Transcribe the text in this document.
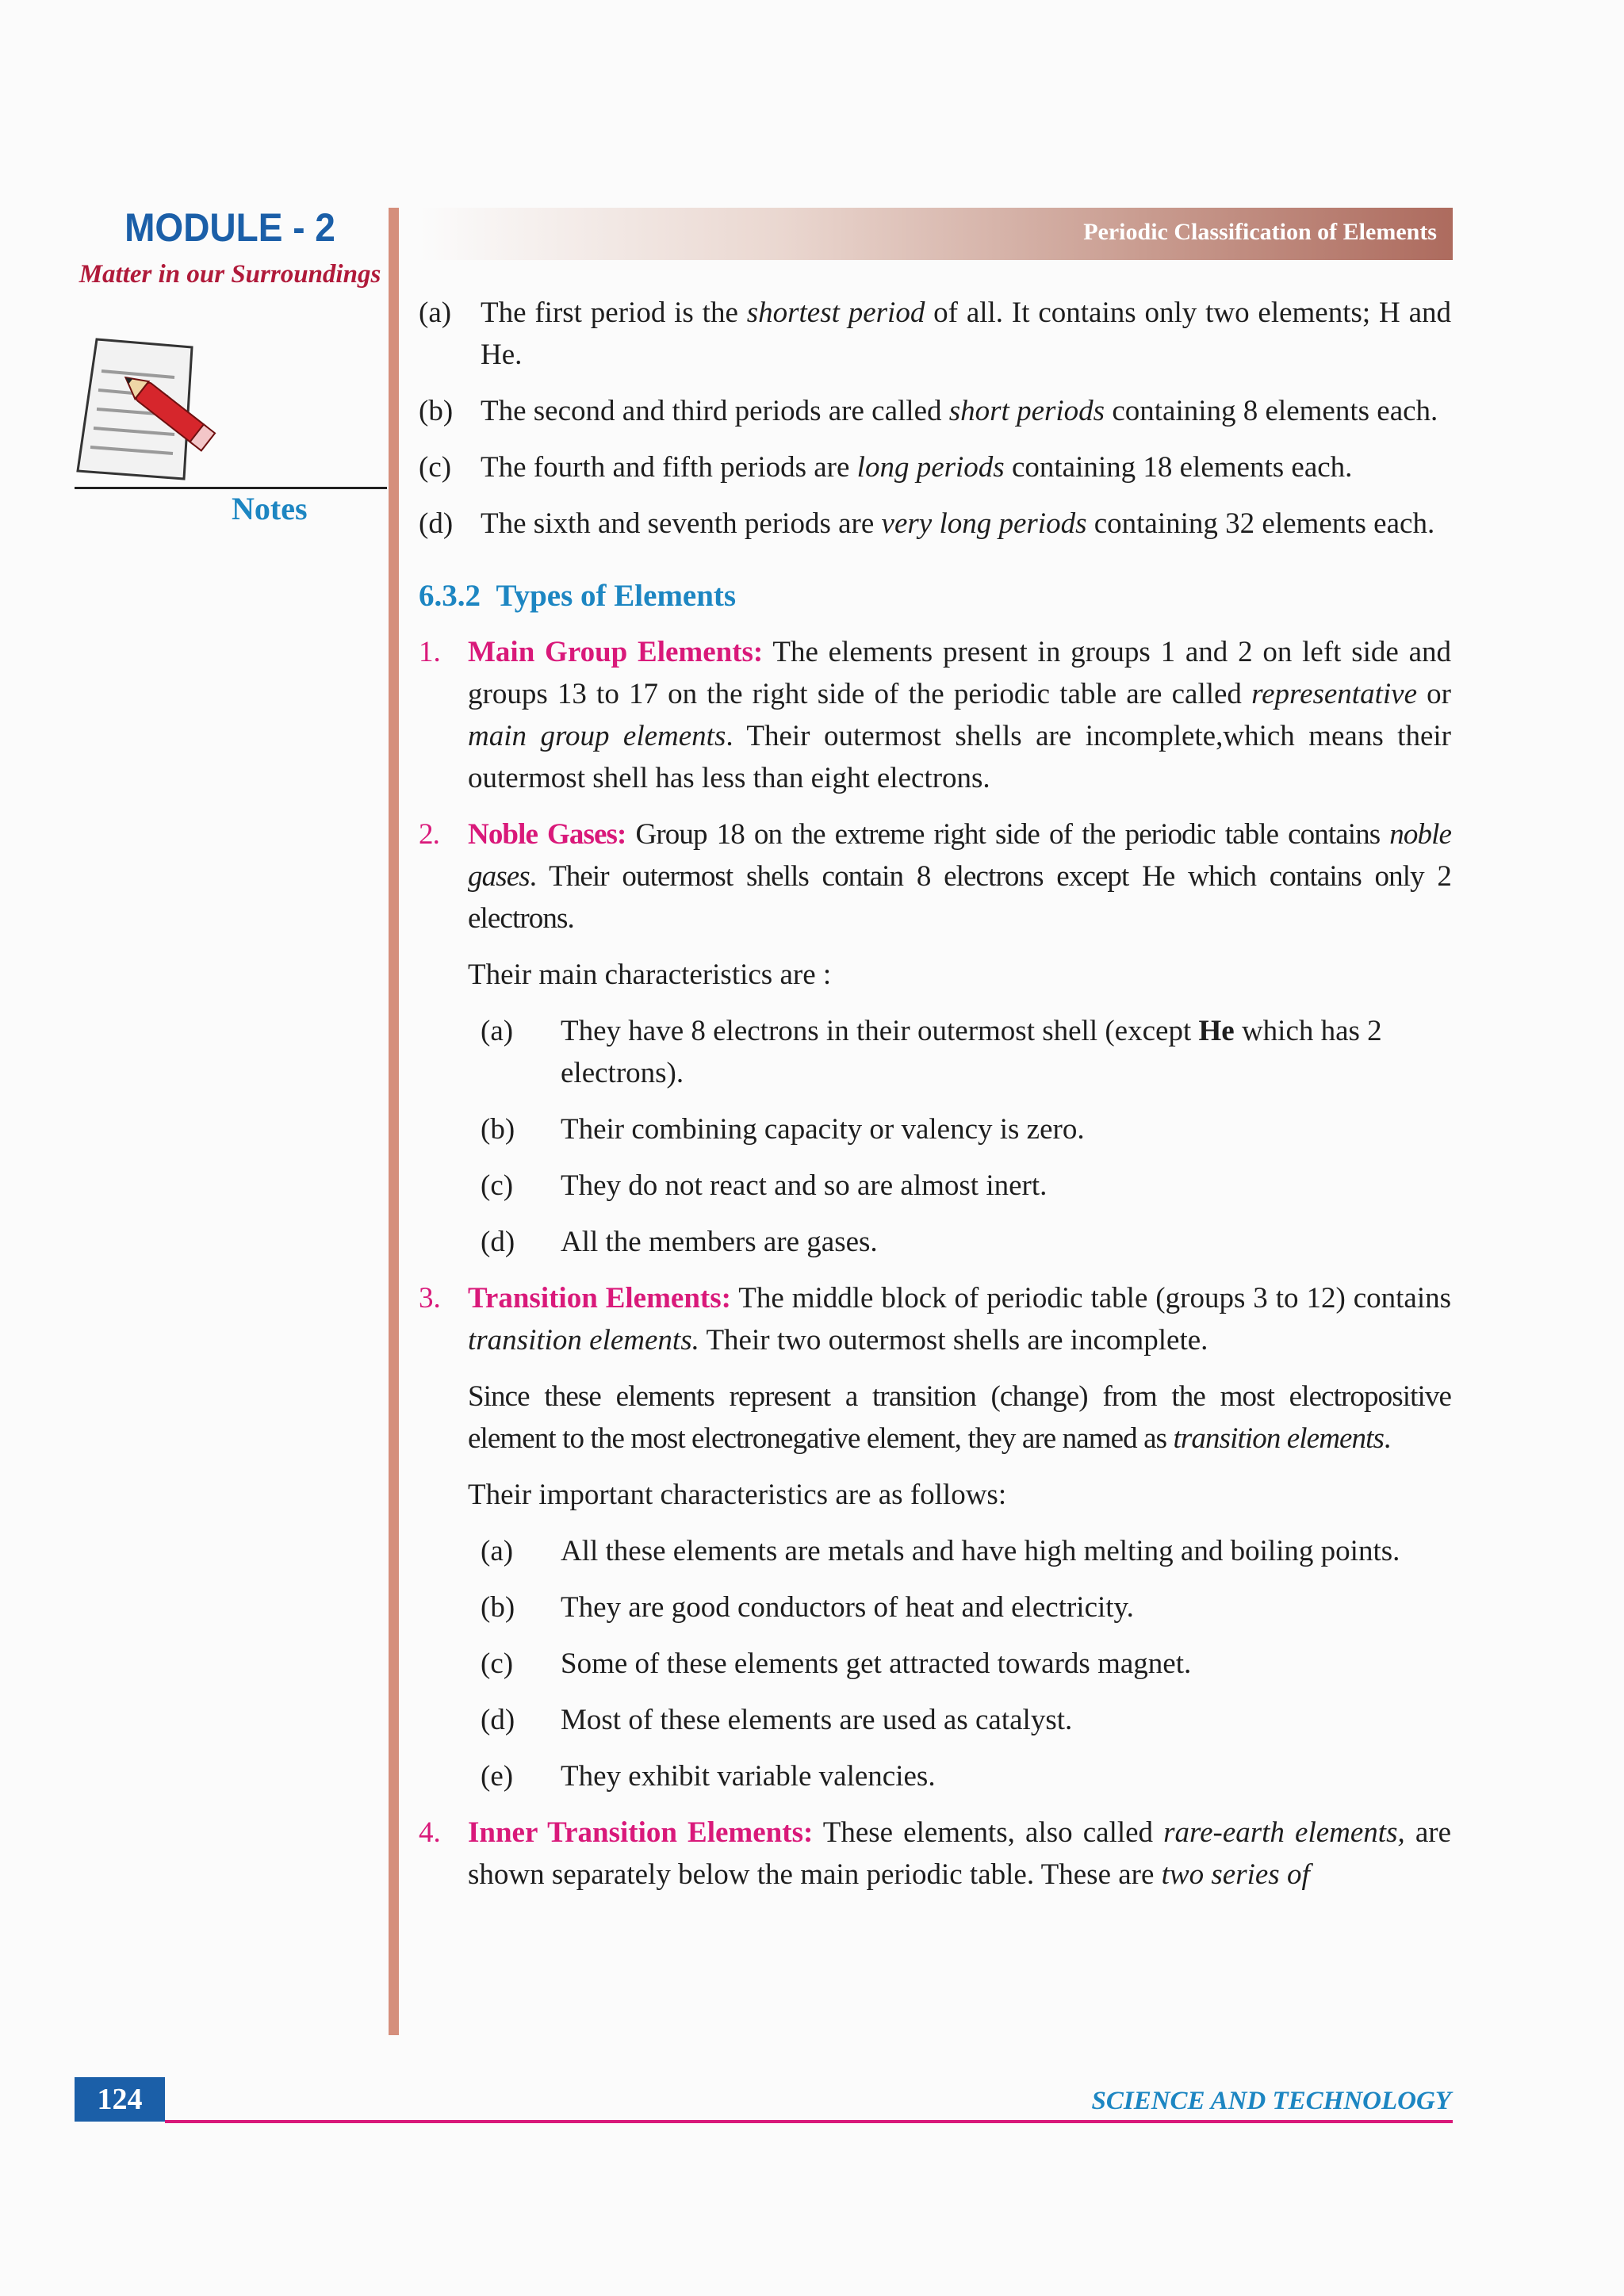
MODULE - 2
Matter in our Surroundings
Notes
Periodic Classification of Elements
(a) The first period is the shortest period of all. It contains only two elements; H and He.
(b) The second and third periods are called short periods containing 8 elements each.
(c) The fourth and fifth periods are long periods containing 18 elements each.
(d) The sixth and seventh periods are very long periods containing 32 elements each.
6.3.2 Types of Elements
1. Main Group Elements: The elements present in groups 1 and 2 on left side and groups 13 to 17 on the right side of the periodic table are called representative or main group elements. Their outermost shells are incomplete,which means their outermost shell has less than eight electrons.
2. Noble Gases: Group 18 on the extreme right side of the periodic table contains noble gases. Their outermost shells contain 8 electrons except He which contains only 2 electrons.
Their main characteristics are :
(a) They have 8 electrons in their outermost shell (except He which has 2 electrons).
(b) Their combining capacity or valency is zero.
(c) They do not react and so are almost inert.
(d) All the members are gases.
3. Transition Elements: The middle block of periodic table (groups 3 to 12) contains transition elements. Their two outermost shells are incomplete.
Since these elements represent a transition (change) from the most electropositive element to the most electronegative element, they are named as transition elements.
Their important characteristics are as follows:
(a) All these elements are metals and have high melting and boiling points.
(b) They are good conductors of heat and electricity.
(c) Some of these elements get attracted towards magnet.
(d) Most of these elements are used as catalyst.
(e) They exhibit variable valencies.
4. Inner Transition Elements: These elements, also called rare-earth elements, are shown separately below the main periodic table. These are two series of
124	SCIENCE AND TECHNOLOGY
